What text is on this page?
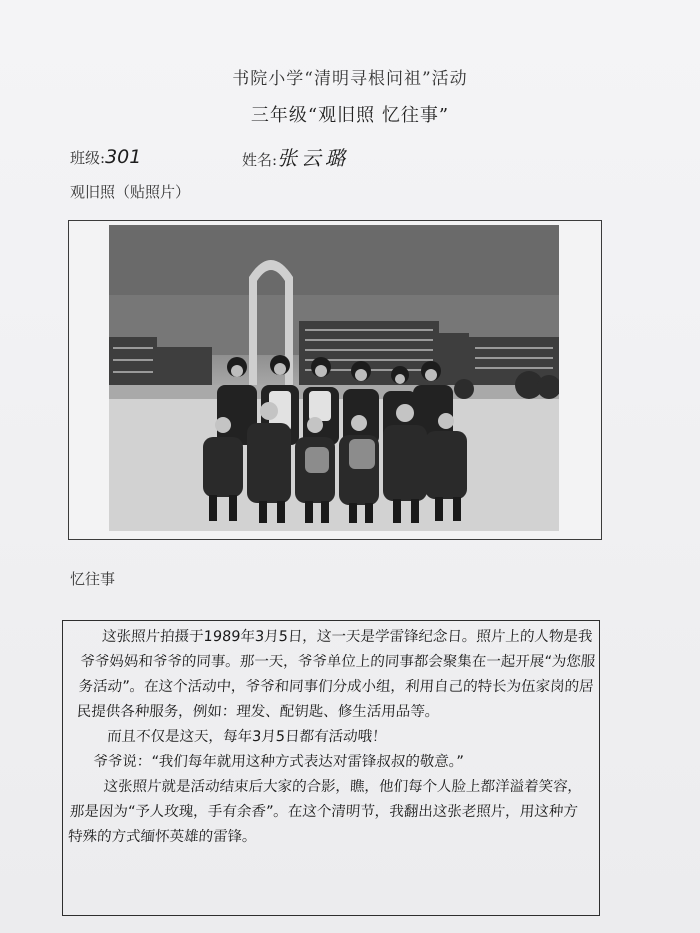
书院小学“清明寻根问祖”活动
三年级“观旧照 忆往事”
班级:301	姓名:张云璐
观旧照（贴照片）
忆往事

这张照片拍摄于1989年3月5日，这一天是学雷锋纪念日。照片上的人物是我爷爷妈妈和爷爷的同事。那一天，爷爷单位上的同事都会聚集在一起开展“为您服务活动”。在这个活动中，爷爷和同事们分成小组，利用自己的特长为伍家岗的居民提供各种服务，例如：理发、配钥匙、修生活用品等。

而且不仅是这天，每年3月5日都有活动哦！

爷爷说：“我们每年就用这种方式表达对雷锋叔叔的敬意。”

这张照片就是活动结束后大家的合影，瞧，他们每个人脸上都洋溢着笑容，那是因为“予人玫瑰，手有余香”。在这个清明节，我翻出这张老照片，用这种方特殊的方式缅怀英雄的雷锋。
